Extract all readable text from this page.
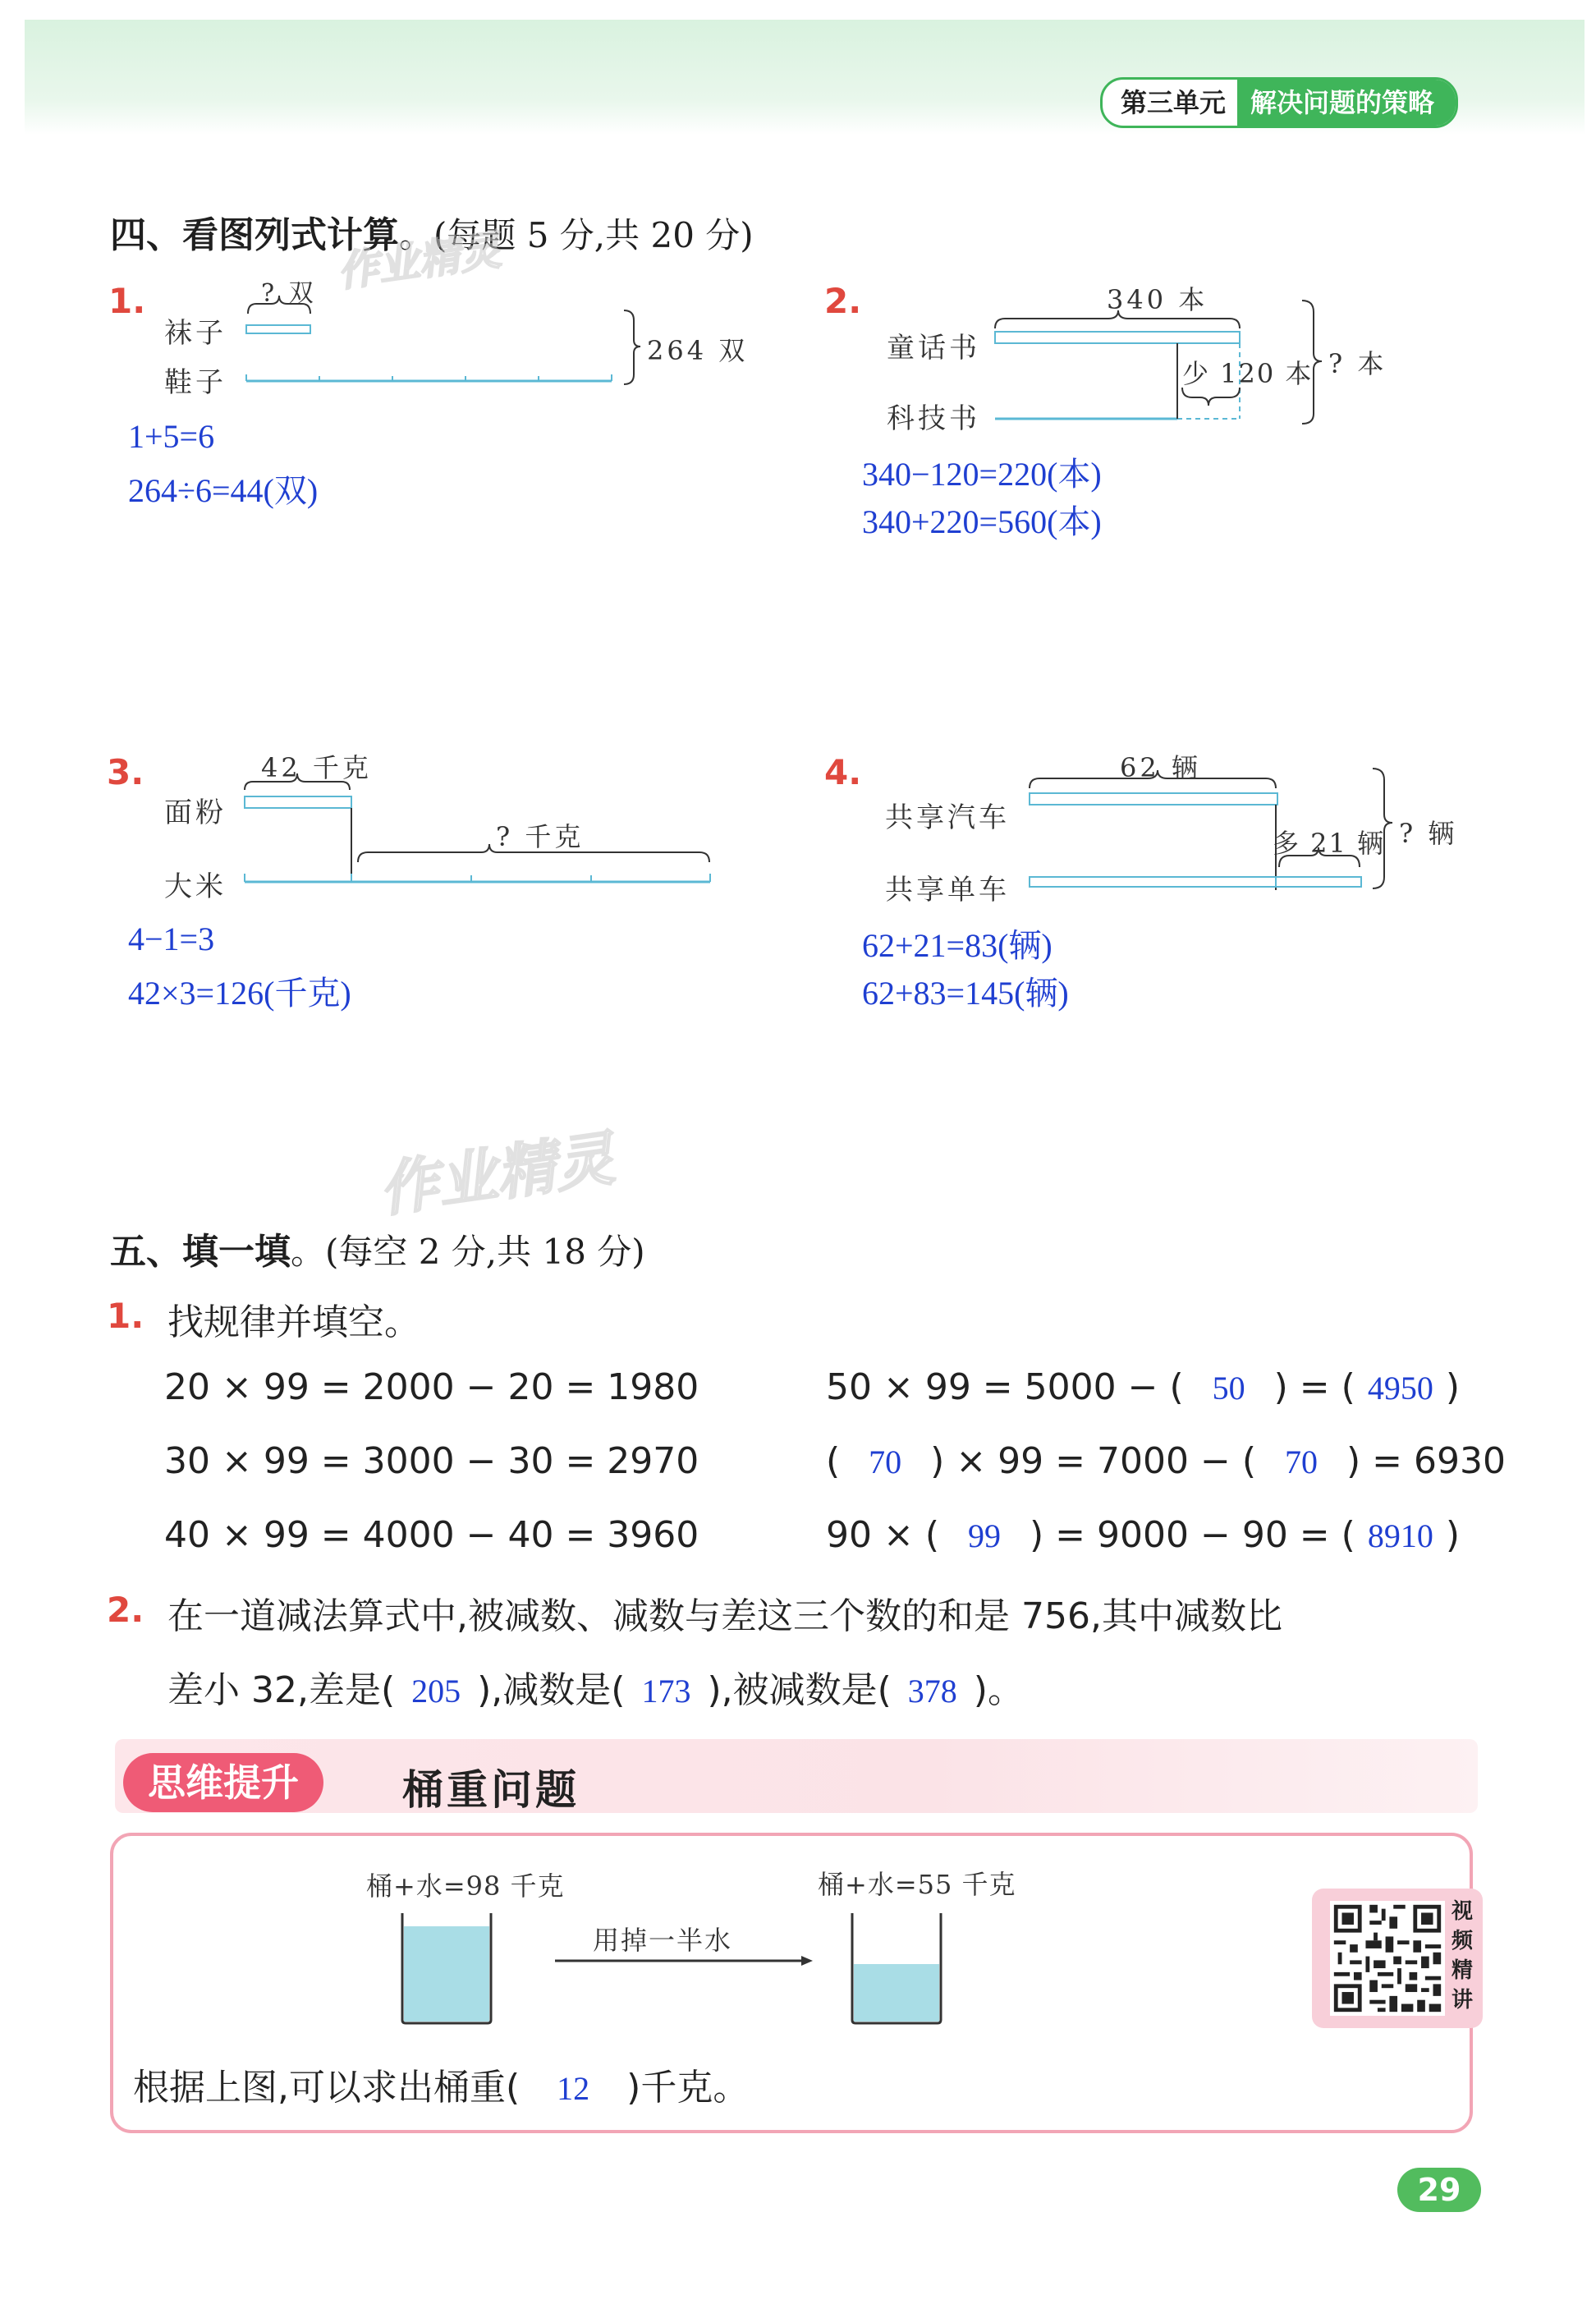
第三单元 解决问题的策略
四、看图列式计算。(每题 5 分,共 20 分)
作业精灵
1.	? 双
袜子
鞋子
264 双
1+5=6
264÷6=44(双)
2.	340 本
童话书
科技书
少 120 本 ? 本
340−120=220(本)
340+220=560(本)
3.	42 千克
面粉
? 千克
大米
4−1=3
42×3=126(千克)
4.	62 辆
共享汽车
共享单车
多 21 辆 ? 辆
62+21=83(辆)
62+83=145(辆)
作业精灵
五、填一填。(每空 2 分,共 18 分)
1. 找规律并填空。
20 × 99 = 2000 − 20 = 1980
30 × 99 = 3000 − 30 = 2970
40 × 99 = 4000 − 40 = 3960
50 × 99 = 5000 − ( 50 ) = ( 4950 )
( 70 ) × 99 = 7000 − ( 70 ) = 6930
90 × ( 99 ) = 9000 − 90 = ( 8910 )
2. 在一道减法算式中,被减数、减数与差这三个数的和是 756,其中减数比
差小 32,差是( 205 ),减数是( 173 ),被减数是( 378 )。
思维提升	桶重问题
桶+水=98 千克	桶+水=55 千克
用掉一半水
根据上图,可以求出桶重( 12 )千克。
视
频
精
讲
29
